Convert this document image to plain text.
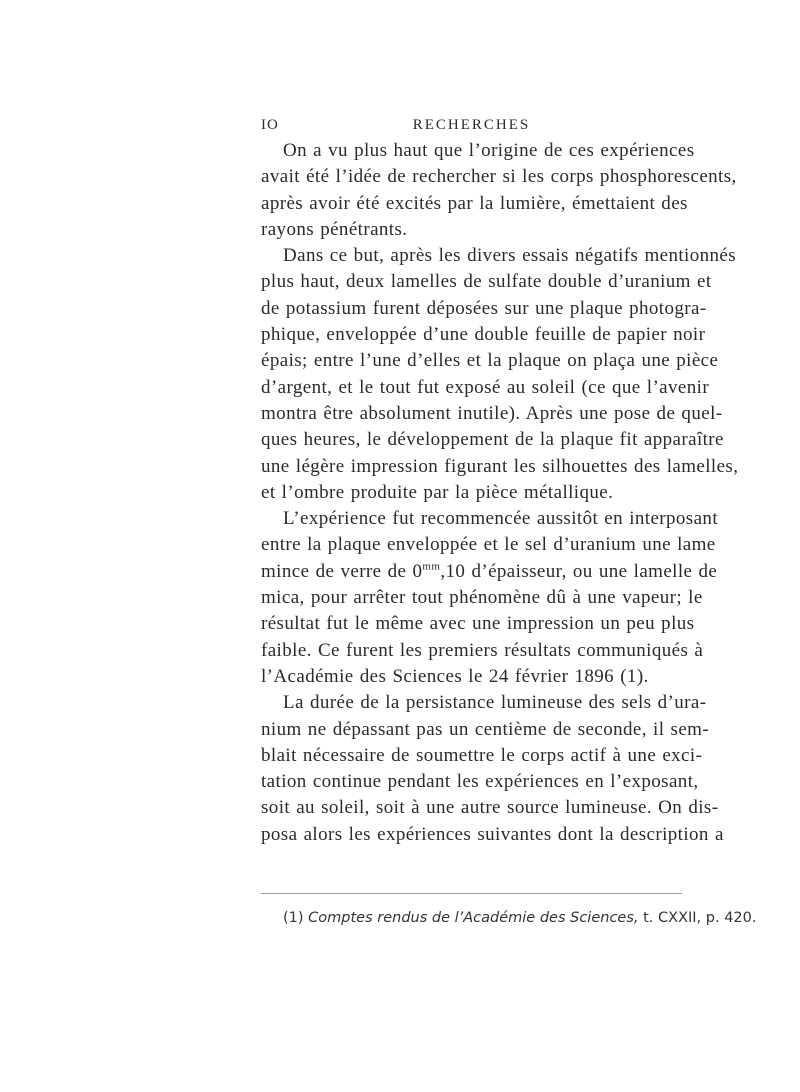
IO	RECHERCHES

On a vu plus haut que l’origine de ces expériences
avait été l’idée de rechercher si les corps phosphorescents,
après avoir été excités par la lumière, émettaient des
rayons pénétrants.

Dans ce but, après les divers essais négatifs mentionnés
plus haut, deux lamelles de sulfate double d’uranium et
de potassium furent déposées sur une plaque photogra-
phique, enveloppée d’une double feuille de papier noir
épais; entre l’une d’elles et la plaque on plaça une pièce
d’argent, et le tout fut exposé au soleil (ce que l’avenir
montra être absolument inutile). Après une pose de quel-
ques heures, le développement de la plaque fit apparaître
une légère impression figurant les silhouettes des lamelles,
et l’ombre produite par la pièce métallique.

L’expérience fut recommencée aussitôt en interposant
entre la plaque enveloppée et le sel d’uranium une lame
mince de verre de $0^{mm},10$ d’épaisseur, ou une lamelle de
mica, pour arrêter tout phénomène dû à une vapeur; le
résultat fut le même avec une impression un peu plus
faible. Ce furent les premiers résultats communiqués à
l’Académie des Sciences le 24 février 1896 (1).

La durée de la persistance lumineuse des sels d’ura-
nium ne dépassant pas un centième de seconde, il sem-
blait nécessaire de soumettre le corps actif à une exci-
tation continue pendant les expériences en l’exposant,
soit au soleil, soit à une autre source lumineuse. On dis-
posa alors les expériences suivantes dont la description a

(1) Comptes rendus de l’Académie des Sciences, t. CXXII, p. 420.
